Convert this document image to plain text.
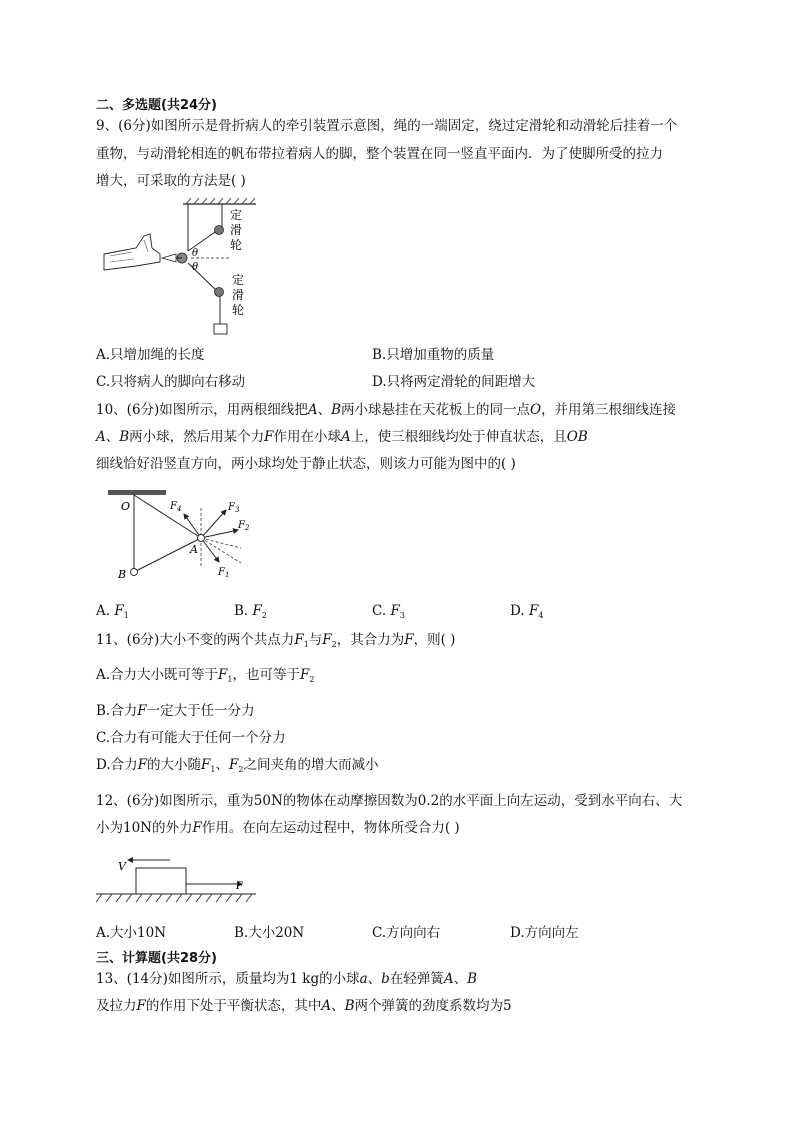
二、多选题(共24分)
9、(6分)如图所示是骨折病人的牵引装置示意图，绳的一端固定，绕过定滑轮和动滑轮后挂着一个
重物，与动滑轮相连的帆布带拉着病人的脚，整个装置在同一竖直平面内．为了使脚所受的拉力
增大，可采取的方法是( )
θ
θ
定
滑
轮
定
滑
轮
A.只增加绳的长度	B.只增加重物的质量
C.只将病人的脚向右移动	D.只将两定滑轮的间距增大
10、(6分)如图所示，用两根细线把A、B两小球悬挂在天花板上的同一点O，并用第三根细线连接
A、B两小球，然后用某个力F作用在小球A上，使三根细线均处于伸直状态，且OB
细线恰好沿竖直方向，两小球均处于静止状态，则该力可能为图中的( )
O
B
A
$F_4$	$F_3$
$F_2$
$F_1$
A. $F_1$	B. $F_2$	C. $F_3$	D. $F_4$
11、(6分)大小不变的两个共点力$F_1$与$F_2$，其合力为F，则( )
A.合力大小既可等于$F_1$，也可等于$F_2$
B.合力F一定大于任一分力
C.合力有可能大于任何一个分力
D.合力F的大小随$F_1$、$F_2$之间夹角的增大而减小
12、(6分)如图所示，重为50N的物体在动摩擦因数为0.2的水平面上向左运动，受到水平向右、大
小为10N的外力F作用。在向左运动过程中，物体所受合力( )
V
F
A.大小10N	B.大小20N	C.方向向右	D.方向向左
三、计算题(共28分)
13、(14分)如图所示，质量均为1 kg的小球a、b在轻弹簧A、B
及拉力F的作用下处于平衡状态，其中A、B两个弹簧的劲度系数均为5
